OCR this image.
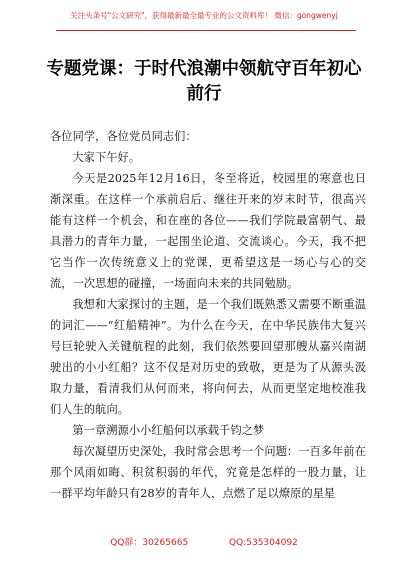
关注头条号"公文研究"，获得最新最全最专业的公文资料库！ 微信：gongwenyj
专题党课：于时代浪潮中领航守百年初心
前行

各位同学，各位党员同志们：

大家下午好。

今天是2025年12月16日，冬至将近，校园里的寒意也日渐深重。在这样一个承前启后、继往开来的岁末时节，很高兴能有这样一个机会，和在座的各位——我们学院最富朝气、最具潜力的青年力量，一起围坐论道、交流谈心。今天，我不把它当作一次传统意义上的党课，更希望这是一场心与心的交流，一次思想的碰撞，一场面向未来的共同勉励。

我想和大家探讨的主题，是一个我们既熟悉又需要不断重温的词汇——“红船精神”。为什么在今天，在中华民族伟大复兴号巨轮驶入关键航程的此刻，我们依然要回望那艘从嘉兴南湖驶出的小小红船？这不仅是对历史的致敬，更是为了从源头汲取力量，看清我们从何而来，将向何去，从而更坚定地校准我们人生的航向。

第一章溯源小小红船何以承载千钧之梦

每次凝望历史深处，我时常会思考一个问题：一百多年前在那个风雨如晦、积贫积弱的年代，究竟是怎样的一股力量，让一群平均年龄只有28岁的青年人，点燃了足以燎原的星星

QQ群：30265665	QQ:535304092
